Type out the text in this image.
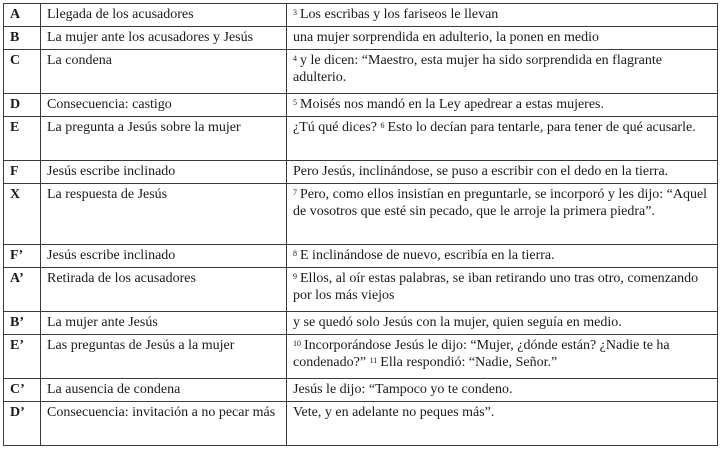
A	Llegada de los acusadores	$^3$ Los escribas y los fariseos le llevan
B	La mujer ante los acusadores y Jesús	una mujer sorprendida en adulterio, la ponen en medio
C	La condena	$^4$ y le dicen: “Maestro, esta mujer ha sido sorprendida en flagrante adulterio.
D	Consecuencia: castigo	$^5$ Moisés nos mandó en la Ley apedrear a estas mujeres.
E	La pregunta a Jesús sobre la mujer	¿Tú qué dices? $^6$ Esto lo decían para tentarle, para tener de qué acusarle.
F	Jesús escribe inclinado	Pero Jesús, inclinándose, se puso a escribir con el dedo en la tierra.
X	La respuesta de Jesús	$^7$ Pero, como ellos insistían en preguntarle, se incorporó y les dijo: “Aquel de vosotros que esté sin pecado, que le arroje la primera piedra”.
F’	Jesús escribe inclinado	$^8$ E inclinándose de nuevo, escribía en la tierra.
A’	Retirada de los acusadores	$^9$ Ellos, al oír estas palabras, se iban retirando uno tras otro, comenzando por los más viejos
B’	La mujer ante Jesús	y se quedó solo Jesús con la mujer, quien seguía en medio.
E’	Las preguntas de Jesús a la mujer	$^{10}$ Incorporándose Jesús le dijo: “Mujer, ¿dónde están? ¿Nadie te ha condenado?” $^{11}$ Ella respondió: “Nadie, Señor.”
C’	La ausencia de condena	Jesús le dijo: “Tampoco yo te condeno.
D’	Consecuencia: invitación a no pecar más	Vete, y en adelante no peques más”.
